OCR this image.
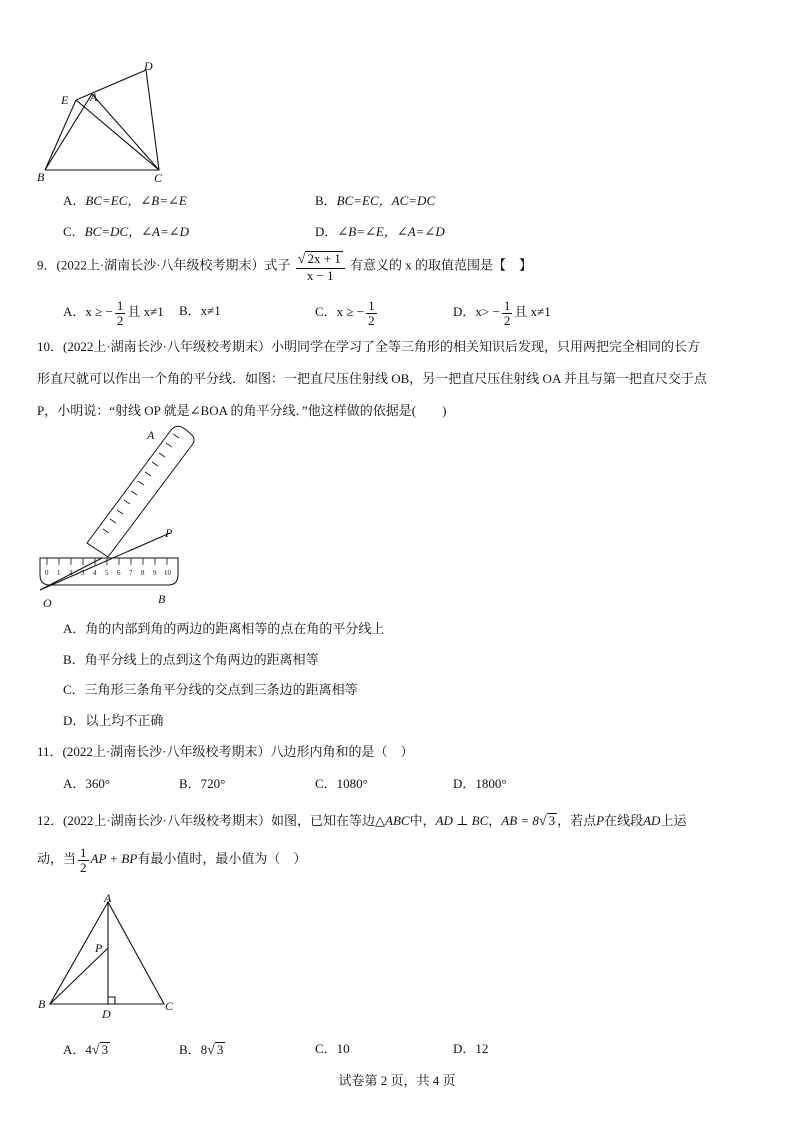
D
E A
B	C
A．BC=EC，∠B=∠E	B．BC=EC，AC=DC
C．BC=DC，∠A=∠D	D．∠B=∠E，∠A=∠D
9．(2022上·湖南长沙·八年级校考期末）式子 $\frac{√ 2x + 1}{x - 1}$ 有意义的 x 的取值范围是【　】
A．x ≥ − $\frac{1}{2}$ 且 x≠1 B．x≠1	C．x ≥ − $\frac{1}{2}$	D．$x> - \frac{1}{2}$ 且 x≠1
10．(2022上·湖南长沙·八年级校考期末）小明同学在学习了全等三角形的相关知识后发现，只用两把完全相同的长方
形直尺就可以作出一个角的平分线．如图：一把直尺压住射线 OB，另一把直尺压住射线 OA 并且与第一把直尺交于点
P，小明说：“射线 OP 就是∠BOA 的角平分线．”他这样做的依据是(　　)
0 1 2 3 4 5 6 7 8 9 10
A
P
O	B
A．角的内部到角的两边的距离相等的点在角的平分线上
B．角平分线上的点到这个角两边的距离相等
C．三角形三条角平分线的交点到三条边的距离相等
D．以上均不正确
11．(2022上·湖南长沙·八年级校考期末）八边形内角和的是（　）
A．360°	B．720°	C．1080°	D．1800°
12．(2022上·湖南长沙·八年级校考期末）如图，已知在等边△ABC中，AD ⊥ BC，AB = 8√ 3 ，若点P在线段AD上运
动，当 $\frac{1}{2}$ AP + BP有最小值时，最小值为（　）
A
P
B
D
C
A．4√ 3	B．8√ 3	C．10	D．12
试卷第 2 页，共 4 页
